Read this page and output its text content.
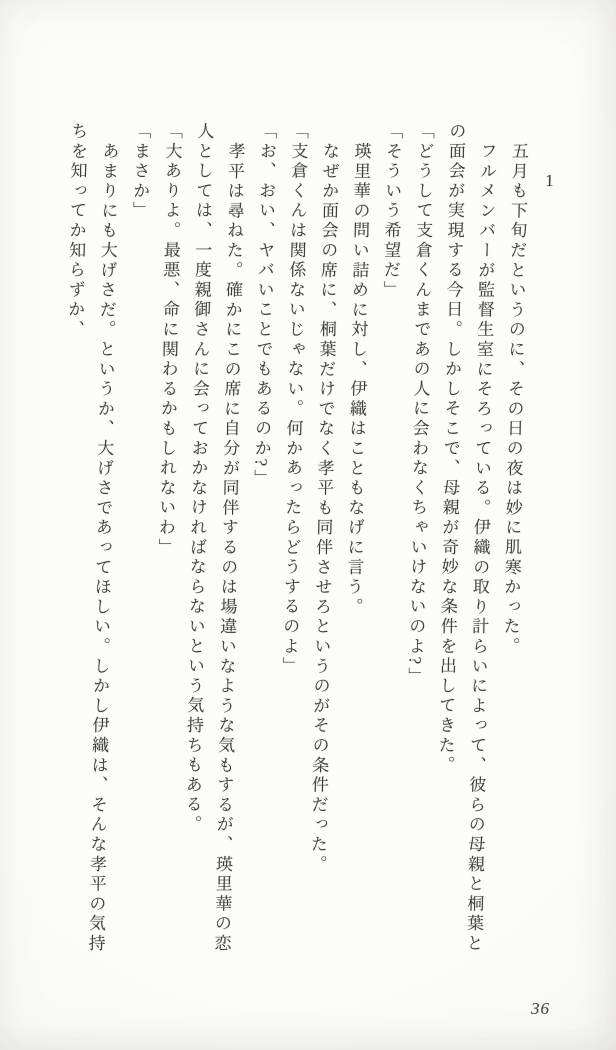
1
五月も下旬だというのに、その日の夜は妙に肌寒かった。
フルメンバーが監督生室にそろっている。伊織の取り計らいによって、彼らの母親と桐葉との面会が実現する今日。しかしそこで、母親が奇妙な条件を出してきた。
「どうして支倉くんまであの人に会わなくちゃいけないのよ?」
「そういう希望だ」
瑛里華の問い詰めに対し、伊織はこともなげに言う。
なぜか面会の席に、桐葉だけでなく孝平も同伴させろというのがその条件だった。
「支倉くんは関係ないじゃない。何かあったらどうするのよ」
「お、おい、ヤバいことでもあるのか?」
孝平は尋ねた。確かにこの席に自分が同伴するのは場違いなような気もするが、瑛里華の恋人としては、一度親御さんに会っておかなければならないという気持ちもある。
「大ありよ。最悪、命に関わるかもしれないわ」
「まさか」
あまりにも大げさだ。というか、大げさであってほしい。しかし伊織は、そんな孝平の気持ちを知ってか知らずか、
36
